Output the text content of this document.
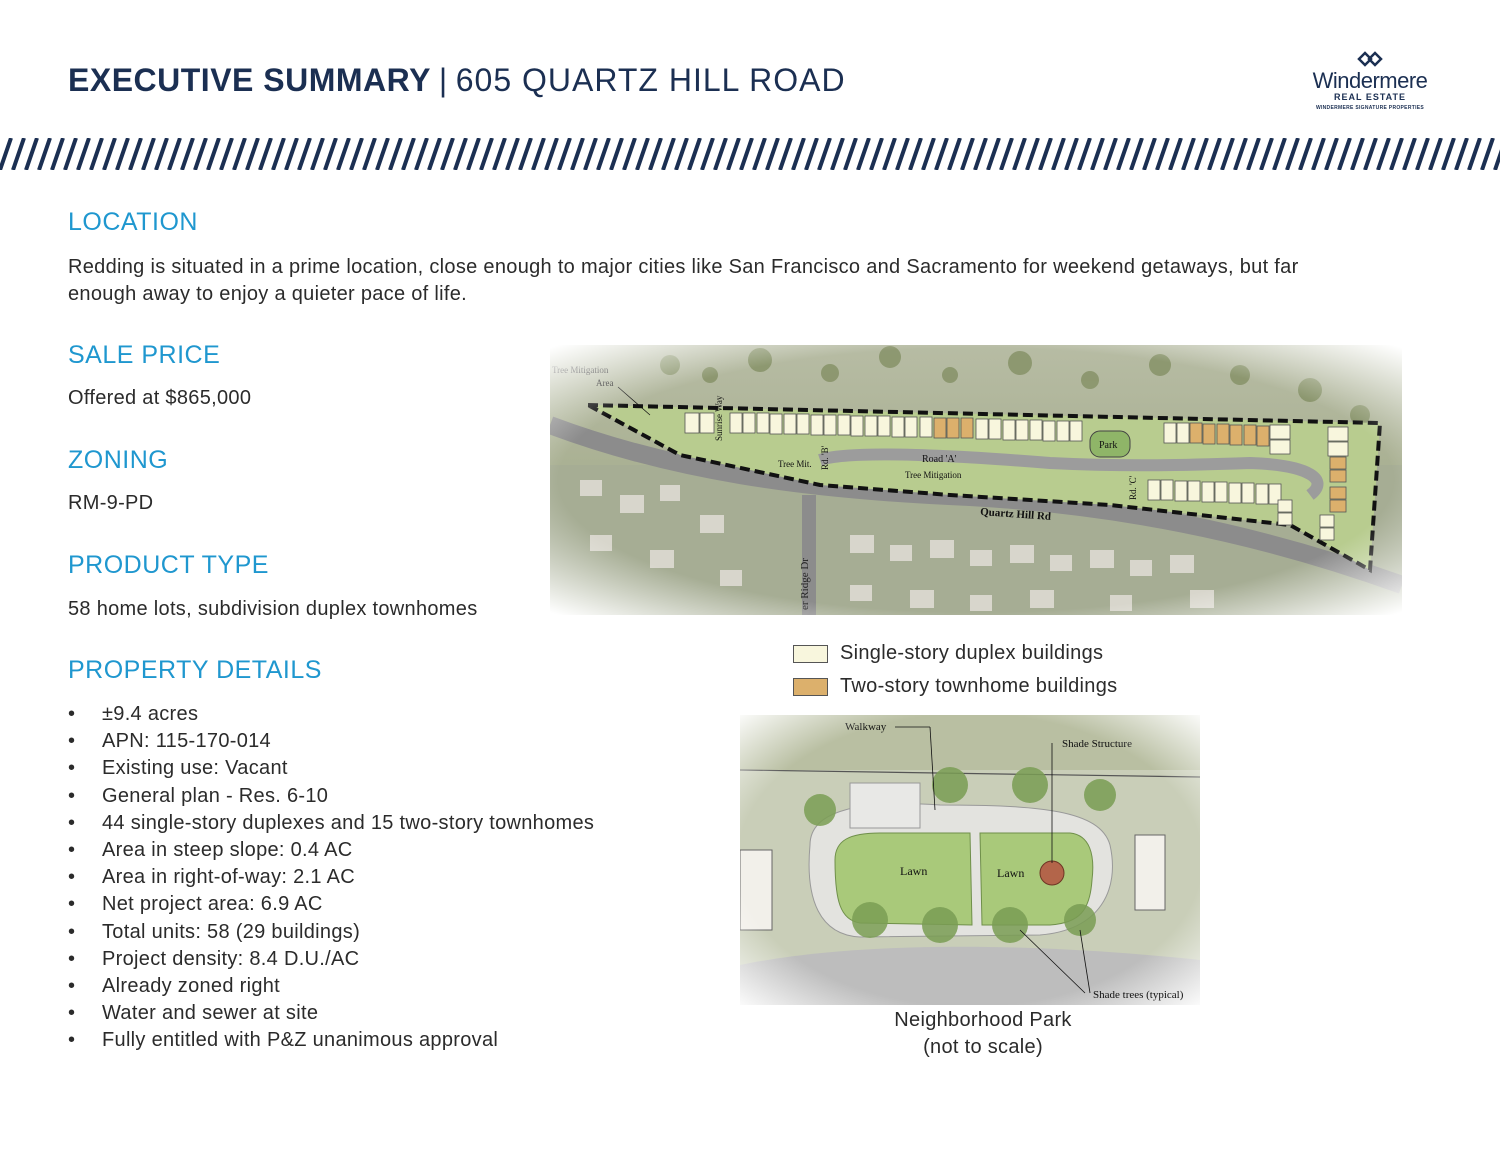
EXECUTIVE SUMMARY | 605 QUARTZ HILL ROAD	Windermere
REAL ESTATE
WINDERMERE SIGNATURE PROPERTIES
LOCATION
Redding is situated in a prime location, close enough to major cities like San Francisco and Sacramento for weekend getaways, but far enough away to enjoy a quieter pace of life.
SALE PRICE
Offered at $865,000
ZONING
RM-9-PD
PRODUCT TYPE
58 home lots, subdivision duplex townhomes
PROPERTY DETAILS
• ±9.4 acres
• APN: 115-170-014
• Existing use: Vacant
• General plan - Res. 6-10
• 44 single-story duplexes and 15 two-story townhomes
• Area in steep slope: 0.4 AC
• Area in right-of-way: 2.1 AC
• Net project area: 6.9 AC
• Total units: 58 (29 buildings)
• Project density: 8.4 D.U./AC
• Already zoned right
• Water and sewer at site
• Fully entitled with P&Z unanimous approval
Single-story duplex buildings
Two-story townhome buildings
Shade trees (typical)
Neighborhood Park
(not to scale)
